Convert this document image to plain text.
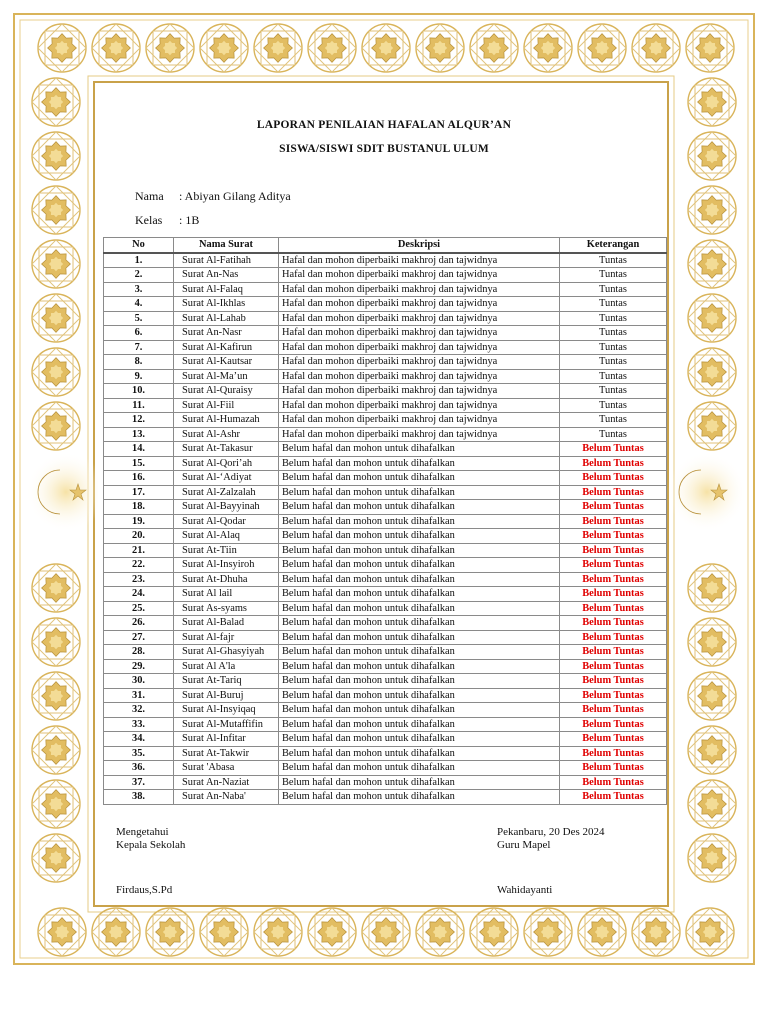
LAPORAN PENILAIAN HAFALAN ALQUR’AN
SISWA/SISWI SDIT BUSTANUL ULUM
Nama : Abiyan Gilang Aditya
Kelas : 1B
No	Nama Surat	Deskripsi	Keterangan
1.	Surat Al-Fatihah	Hafal dan mohon diperbaiki makhroj dan tajwidnya	Tuntas
2.	Surat An-Nas	Hafal dan mohon diperbaiki makhroj dan tajwidnya	Tuntas
3.	Surat Al-Falaq	Hafal dan mohon diperbaiki makhroj dan tajwidnya	Tuntas
4.	Surat Al-Ikhlas	Hafal dan mohon diperbaiki makhroj dan tajwidnya	Tuntas
5.	Surat Al-Lahab	Hafal dan mohon diperbaiki makhroj dan tajwidnya	Tuntas
6.	Surat An-Nasr	Hafal dan mohon diperbaiki makhroj dan tajwidnya	Tuntas
7.	Surat Al-Kafirun	Hafal dan mohon diperbaiki makhroj dan tajwidnya	Tuntas
8.	Surat Al-Kautsar	Hafal dan mohon diperbaiki makhroj dan tajwidnya	Tuntas
9.	Surat Al-Ma’un	Hafal dan mohon diperbaiki makhroj dan tajwidnya	Tuntas
10.	Surat Al-Quraisy	Hafal dan mohon diperbaiki makhroj dan tajwidnya	Tuntas
11.	Surat Al-Fiil	Hafal dan mohon diperbaiki makhroj dan tajwidnya	Tuntas
12.	Surat Al-Humazah	Hafal dan mohon diperbaiki makhroj dan tajwidnya	Tuntas
13.	Surat Al-Ashr	Hafal dan mohon diperbaiki makhroj dan tajwidnya	Tuntas
14.	Surat At-Takasur	Belum hafal dan mohon untuk dihafalkan	Belum Tuntas
15.	Surat Al-Qori’ah	Belum hafal dan mohon untuk dihafalkan	Belum Tuntas
16.	Surat Al-‘Adiyat	Belum hafal dan mohon untuk dihafalkan	Belum Tuntas
17.	Surat Al-Zalzalah	Belum hafal dan mohon untuk dihafalkan	Belum Tuntas
18.	Surat Al-Bayyinah	Belum hafal dan mohon untuk dihafalkan	Belum Tuntas
19.	Surat Al-Qodar	Belum hafal dan mohon untuk dihafalkan	Belum Tuntas
20.	Surat Al-Alaq	Belum hafal dan mohon untuk dihafalkan	Belum Tuntas
21.	Surat At-Tiin	Belum hafal dan mohon untuk dihafalkan	Belum Tuntas
22.	Surat Al-Insyiroh	Belum hafal dan mohon untuk dihafalkan	Belum Tuntas
23.	Surat At-Dhuha	Belum hafal dan mohon untuk dihafalkan	Belum Tuntas
24.	Surat Al lail	Belum hafal dan mohon untuk dihafalkan	Belum Tuntas
25.	Surat As-syams	Belum hafal dan mohon untuk dihafalkan	Belum Tuntas
26.	Surat Al-Balad	Belum hafal dan mohon untuk dihafalkan	Belum Tuntas
27.	Surat Al-fajr	Belum hafal dan mohon untuk dihafalkan	Belum Tuntas
28.	Surat Al-Ghasyiyah	Belum hafal dan mohon untuk dihafalkan	Belum Tuntas
29.	Surat Al A'la	Belum hafal dan mohon untuk dihafalkan	Belum Tuntas
30.	Surat At-Tariq	Belum hafal dan mohon untuk dihafalkan	Belum Tuntas
31.	Surat Al-Buruj	Belum hafal dan mohon untuk dihafalkan	Belum Tuntas
32.	Surat Al-Insyiqaq	Belum hafal dan mohon untuk dihafalkan	Belum Tuntas
33.	Surat Al-Mutaffifin	Belum hafal dan mohon untuk dihafalkan	Belum Tuntas
34.	Surat Al-Infitar	Belum hafal dan mohon untuk dihafalkan	Belum Tuntas
35.	Surat At-Takwir	Belum hafal dan mohon untuk dihafalkan	Belum Tuntas
36.	Surat 'Abasa	Belum hafal dan mohon untuk dihafalkan	Belum Tuntas
37.	Surat An-Naziat	Belum hafal dan mohon untuk dihafalkan	Belum Tuntas
38.	Surat An-Naba'	Belum hafal dan mohon untuk dihafalkan	Belum Tuntas
Mengetahui
Kepala Sekolah
Firdaus,S.Pd
Pekanbaru, 20 Des 2024
Guru Mapel
Wahidayanti
